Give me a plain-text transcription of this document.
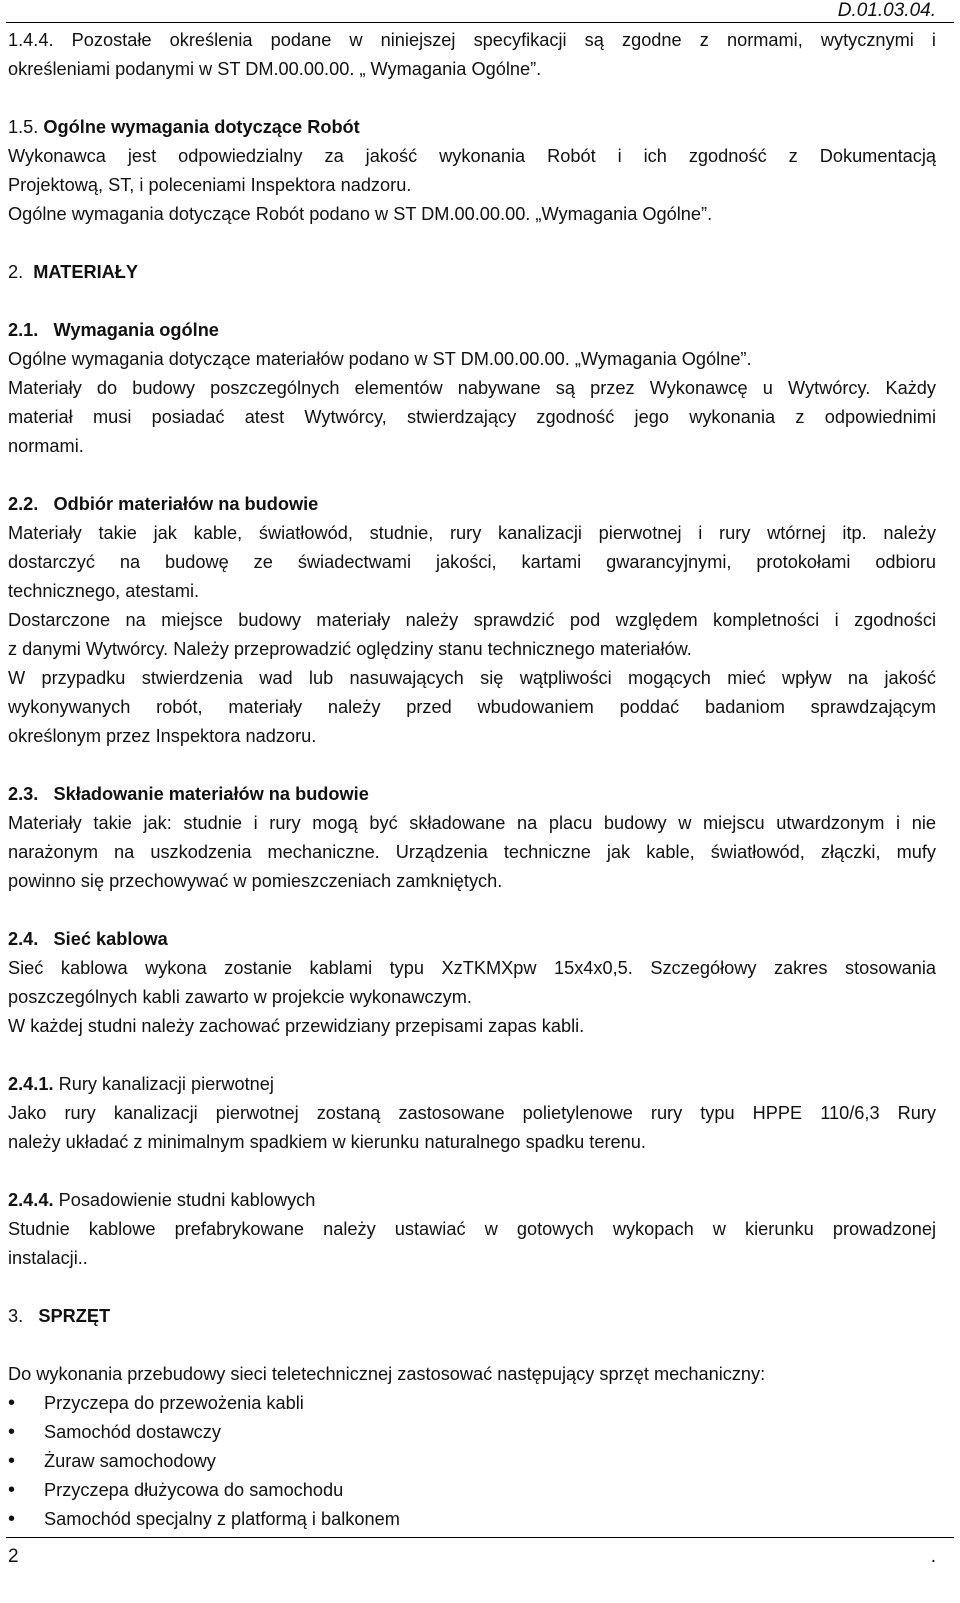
D.01.03.04.

1.4.4. Pozostałe określenia podane w niniejszej specyfikacji są zgodne z normami, wytycznymi i

określeniami podanymi w ST DM.00.00.00. „ Wymagania Ogólne”.

1.5. Ogólne wymagania dotyczące Robót

Wykonawca jest odpowiedzialny za jakość wykonania Robót i ich zgodność z Dokumentacją

Projektową, ST, i poleceniami Inspektora nadzoru.

Ogólne wymagania dotyczące Robót podano w ST DM.00.00.00. „Wymagania Ogólne”.

2. MATERIAŁY

2.1. Wymagania ogólne

Ogólne wymagania dotyczące materiałów podano w ST DM.00.00.00. „Wymagania Ogólne”.

Materiały do budowy poszczególnych elementów nabywane są przez Wykonawcę u Wytwórcy. Każdy

materiał musi posiadać atest Wytwórcy, stwierdzający zgodność jego wykonania z odpowiednimi

normami.

2.2. Odbiór materiałów na budowie

Materiały takie jak kable, światłowód, studnie, rury kanalizacji pierwotnej i rury wtórnej itp. należy

dostarczyć na budowę ze świadectwami jakości, kartami gwarancyjnymi, protokołami odbioru

technicznego, atestami.

Dostarczone na miejsce budowy materiały należy sprawdzić pod względem kompletności i zgodności

z danymi Wytwórcy. Należy przeprowadzić oględziny stanu technicznego materiałów.

W przypadku stwierdzenia wad lub nasuwających się wątpliwości mogących mieć wpływ na jakość

wykonywanych robót, materiały należy przed wbudowaniem poddać badaniom sprawdzającym

określonym przez Inspektora nadzoru.

2.3. Składowanie materiałów na budowie

Materiały takie jak: studnie i rury mogą być składowane na placu budowy w miejscu utwardzonym i nie

narażonym na uszkodzenia mechaniczne. Urządzenia techniczne jak kable, światłowód, złączki, mufy

powinno się przechowywać w pomieszczeniach zamkniętych.

2.4. Sieć kablowa

Sieć kablowa wykona zostanie kablami typu XzTKMXpw 15x4x0,5. Szczegółowy zakres stosowania

poszczególnych kabli zawarto w projekcie wykonawczym.

W każdej studni należy zachować przewidziany przepisami zapas kabli.

2.4.1. Rury kanalizacji pierwotnej

Jako rury kanalizacji pierwotnej zostaną zastosowane polietylenowe rury typu HPPE 110/6,3 Rury

należy układać z minimalnym spadkiem w kierunku naturalnego spadku terenu.

2.4.4. Posadowienie studni kablowych

Studnie kablowe prefabrykowane należy ustawiać w gotowych wykopach w kierunku prowadzonej

instalacji..

3. SPRZĘT

Do wykonania przebudowy sieci teletechnicznej zastosować następujący sprzęt mechaniczny:

• Przyczepa do przewożenia kabli
• Samochód dostawczy
• Żuraw samochodowy
• Przyczepa dłużycowa do samochodu
• Samochód specjalny z platformą i balkonem
2	.
